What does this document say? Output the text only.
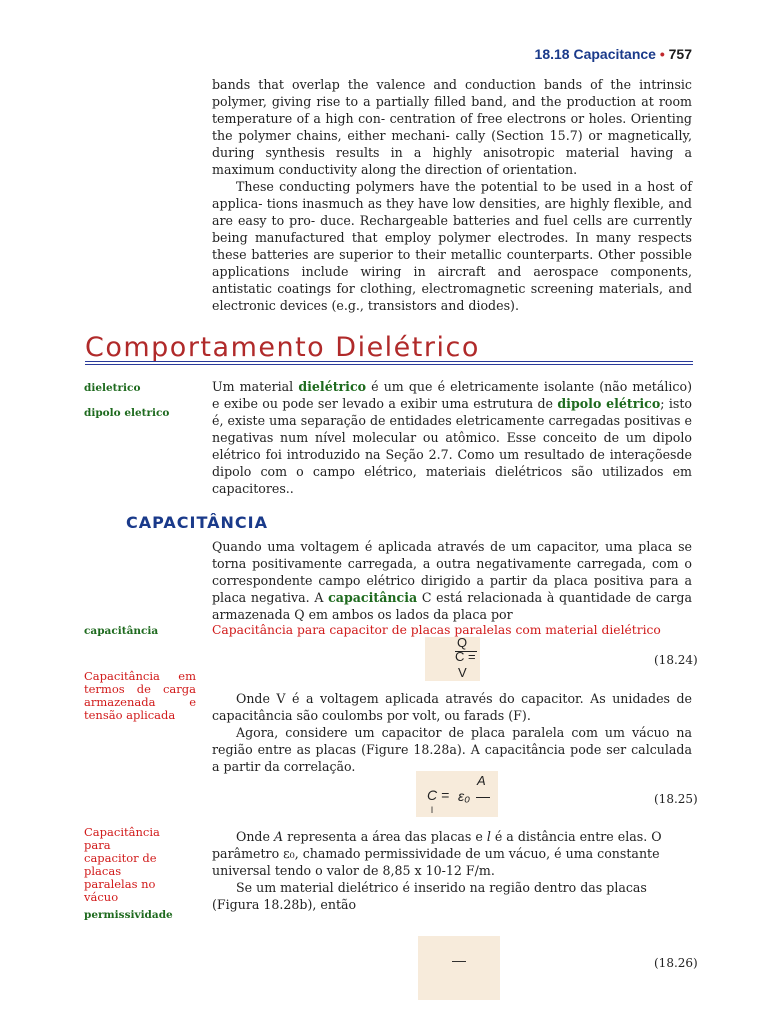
18.18 Capacitance • 757

bands that overlap the valence and conduction bands of the intrinsic polymer, giving rise to a partially filled band, and the production at room temperature of a high con- centration of free electrons or holes. Orienting the polymer chains, either mechani- cally (Section 15.7) or magnetically, during synthesis results in a highly anisotropic material having a maximum conductivity along the direction of orientation.

These conducting polymers have the potential to be used in a host of applica- tions inasmuch as they have low densities, are highly flexible, and are easy to pro- duce. Rechargeable batteries and fuel cells are currently being manufactured that employ polymer electrodes. In many respects these batteries are superior to their metallic counterparts. Other possible applications include wiring in aircraft and aerospace components, antistatic coatings for clothing, electromagnetic screening materials, and electronic devices (e.g., transistors and diodes).

Comportamento Dielétrico
dieletrico
dipolo eletrico

Um material dielétrico é um que é eletricamente isolante (não metálico) e exibe ou pode ser levado a exibir uma estrutura de dipolo elétrico; isto é, existe uma separação de entidades eletricamente carregadas positivas e negativas num nível molecular ou atômico. Esse conceito de um dipolo elétrico foi introduzido na Seção 2.7. Como um resultado de interaçõesde dipolo com o campo elétrico, materiais dielétricos são utilizados em capacitores..

CAPACITÂNCIA

Quando uma voltagem é aplicada através de um capacitor, uma placa se torna positivamente carregada, a outra negativamente carregada, com o correspondente campo elétrico dirigido a partir da placa positiva para a placa negativa. A capacitância C está relacionada à quantidade de carga armazenada Q em ambos os lados da placa por

capacitância	Capacitância para capacitor de placas paralelas com material dielétrico
Q
C =
V
(18.24)
Capacitância em termos de carga armazenada e tensão aplicada

Onde V é a voltagem aplicada através do capacitor. As unidades de capacitância são coulombs por volt, ou farads (F).

Agora, considere um capacitor de placa paralela com um vácuo na região entre as placas (Figure 18.28a). A capacitância pode ser calculada a partir da correlação.

C = ε₀
A
l
(18.25)
Capacitância para capacitor de placas paralelas no vácuo
permissividade

Onde A representa a área das placas e l é a distância entre elas. O parâmetro ε₀, chamado permissividade de um vácuo, é uma constante universal tendo o valor de 8,85 x 10-12 F/m.

Se um material dielétrico é inserido na região dentro das placas (Figura 18.28b), então

—	(18.26)
